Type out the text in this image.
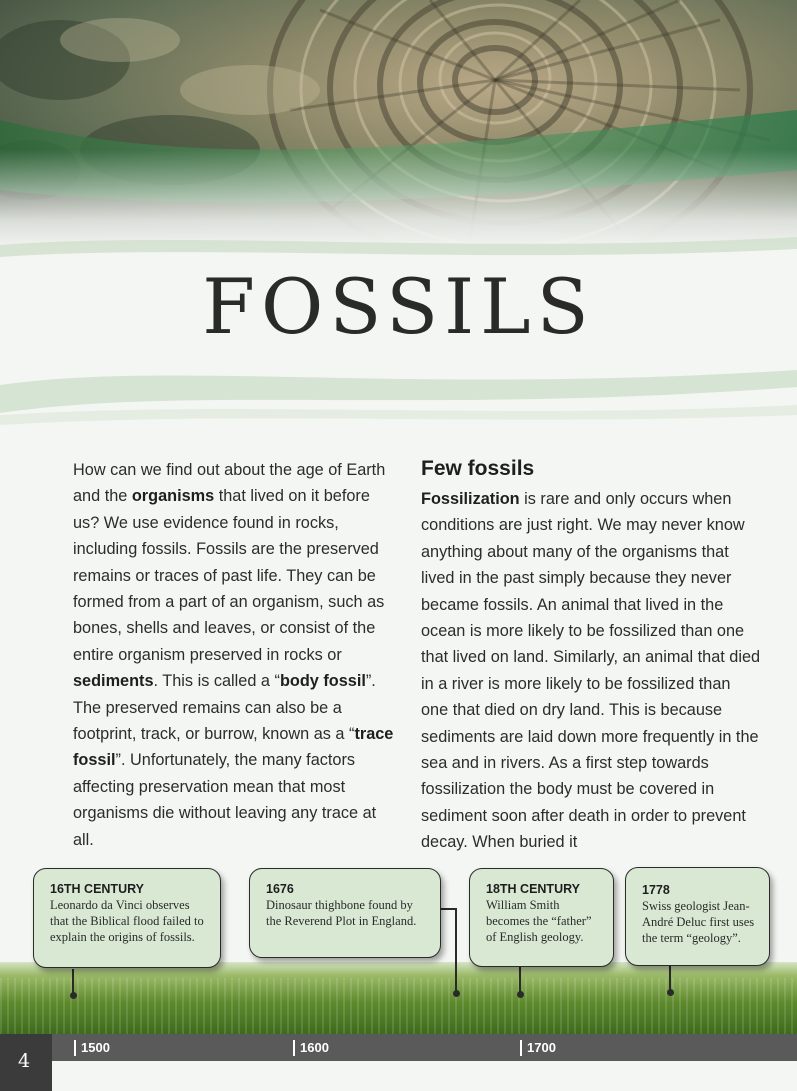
FOSSILS

How can we find out about the age of Earth and the organisms that lived on it before us? We use evidence found in rocks, including fossils. Fossils are the preserved remains or traces of past life. They can be formed from a part of an organism, such as bones, shells and leaves, or consist of the entire organism preserved in rocks or sediments. This is called a “body fossil”. The preserved remains can also be a footprint, track, or burrow, known as a “trace fossil”. Unfortunately, the many factors affecting preservation mean that most organisms die without leaving any trace at all.

Few fossils

Fossilization is rare and only occurs when conditions are just right. We may never know anything about many of the organisms that lived in the past simply because they never became fossils. An animal that lived in the ocean is more likely to be fossilized than one that lived on land. Similarly, an animal that died in a river is more likely to be fossilized than one that died on dry land. This is because sediments are laid down more frequently in the sea and in rivers. As a first step towards fossilization the body must be covered in sediment soon after death in order to prevent decay. When buried it

1500	1600	1700
16TH CENTURY
Leonardo da Vinci observes that the Biblical flood failed to explain the origins of fossils.
1676
Dinosaur thighbone found by the Reverend Plot in England.
18TH CENTURY
William Smith becomes the “father” of English geology.
1778
Swiss geologist Jean-André Deluc first uses the term “geology”.
4
